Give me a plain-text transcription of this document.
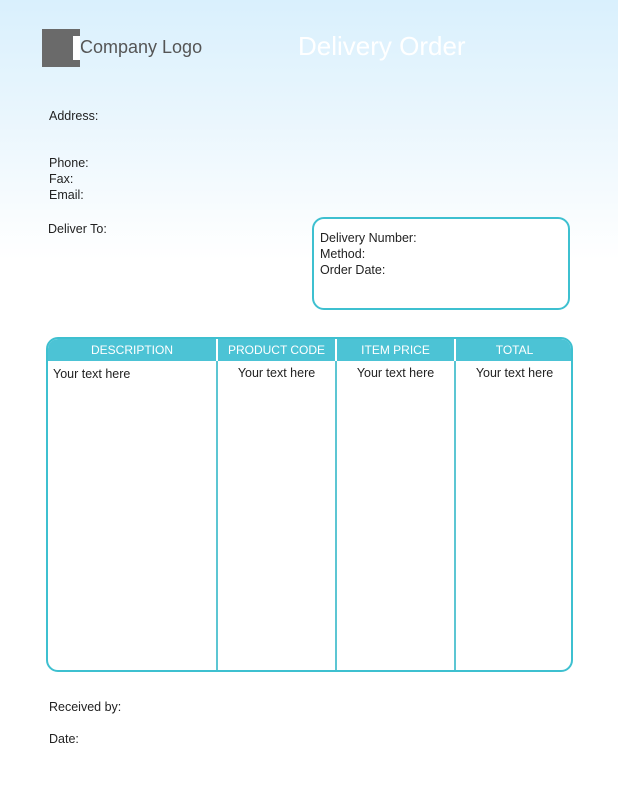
Company Logo	Delivery Order
Address:
Phone:
Fax:
Email:
Deliver To:
Delivery Number:
Method:
Order Date:
DESCRIPTION	PRODUCT CODE	ITEM PRICE	TOTAL
Your text here	Your text here	Your text here	Your text here
Received by:
Date:
